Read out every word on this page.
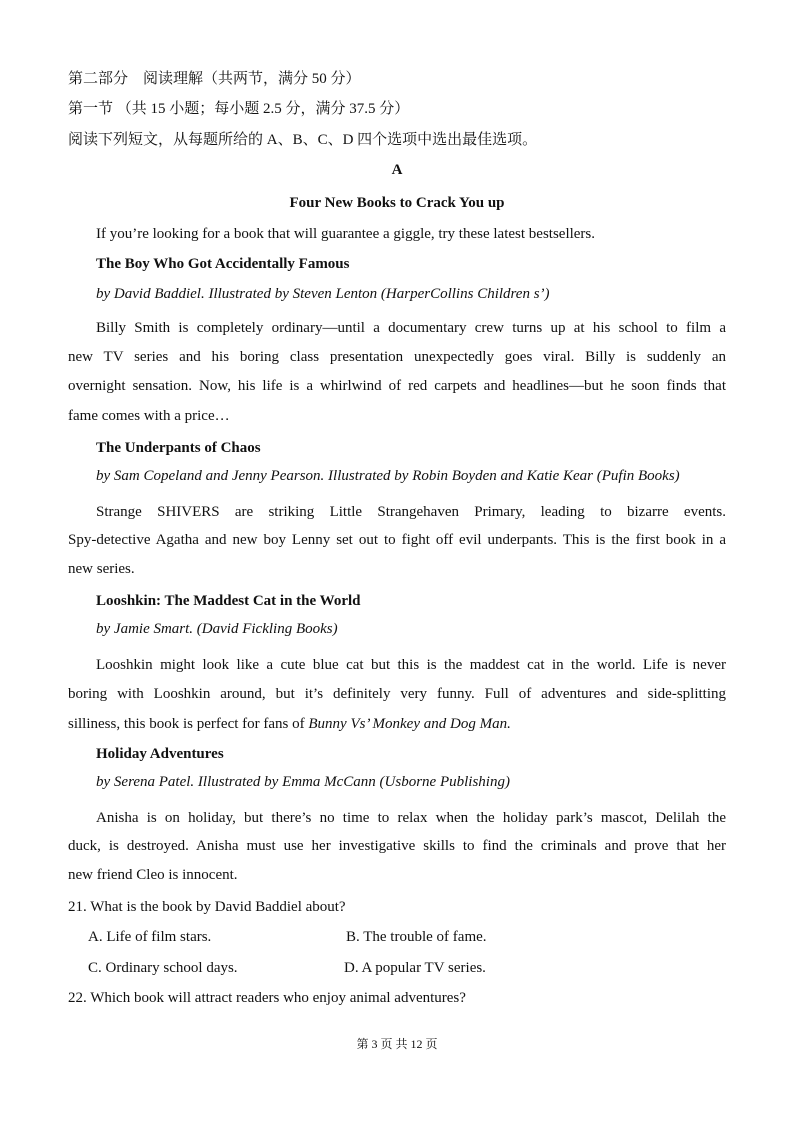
第二部分　阅读理解（共两节，满分 50 分）
第一节 （共 15 小题；每小题 2.5 分，满分 37.5 分）
阅读下列短文，从每题所给的 A、B、C、D 四个选项中选出最佳选项。
A
Four New Books to Crack You up
If you’re looking for a book that will guarantee a giggle, try these latest bestsellers.
The Boy Who Got Accidentally Famous
by David Baddiel. Illustrated by Steven Lenton (HarperCollins Children s’)
Billy Smith is completely ordinary—until a documentary crew turns up at his school to film a
new TV series and his boring class presentation unexpectedly goes viral. Billy is suddenly an
overnight sensation. Now, his life is a whirlwind of red carpets and headlines—but he soon finds that
fame comes with a price…
The Underpants of Chaos
by Sam Copeland and Jenny Pearson. Illustrated by Robin Boyden and Katie Kear (Pufin Books)
Strange SHIVERS are striking Little Strangehaven Primary, leading to bizarre events.
Spy-detective Agatha and new boy Lenny set out to fight off evil underpants. This is the first book in a
new series.
Looshkin: The Maddest Cat in the World
by Jamie Smart. (David Fickling Books)
Looshkin might look like a cute blue cat but this is the maddest cat in the world. Life is never
boring with Looshkin around, but it’s definitely very funny. Full of adventures and side-splitting
silliness, this book is perfect for fans of Bunny Vs’ Monkey and Dog Man.
Holiday Adventures
by Serena Patel. Illustrated by Emma McCann (Usborne Publishing)
Anisha is on holiday, but there’s no time to relax when the holiday park’s mascot, Delilah the
duck, is destroyed. Anisha must use her investigative skills to find the criminals and prove that her
new friend Cleo is innocent.
21. What is the book by David Baddiel about?
A. Life of film stars.	B. The trouble of fame.
C. Ordinary school days.	D. A popular TV series.
22. Which book will attract readers who enjoy animal adventures?
第 3 页 共 12 页
